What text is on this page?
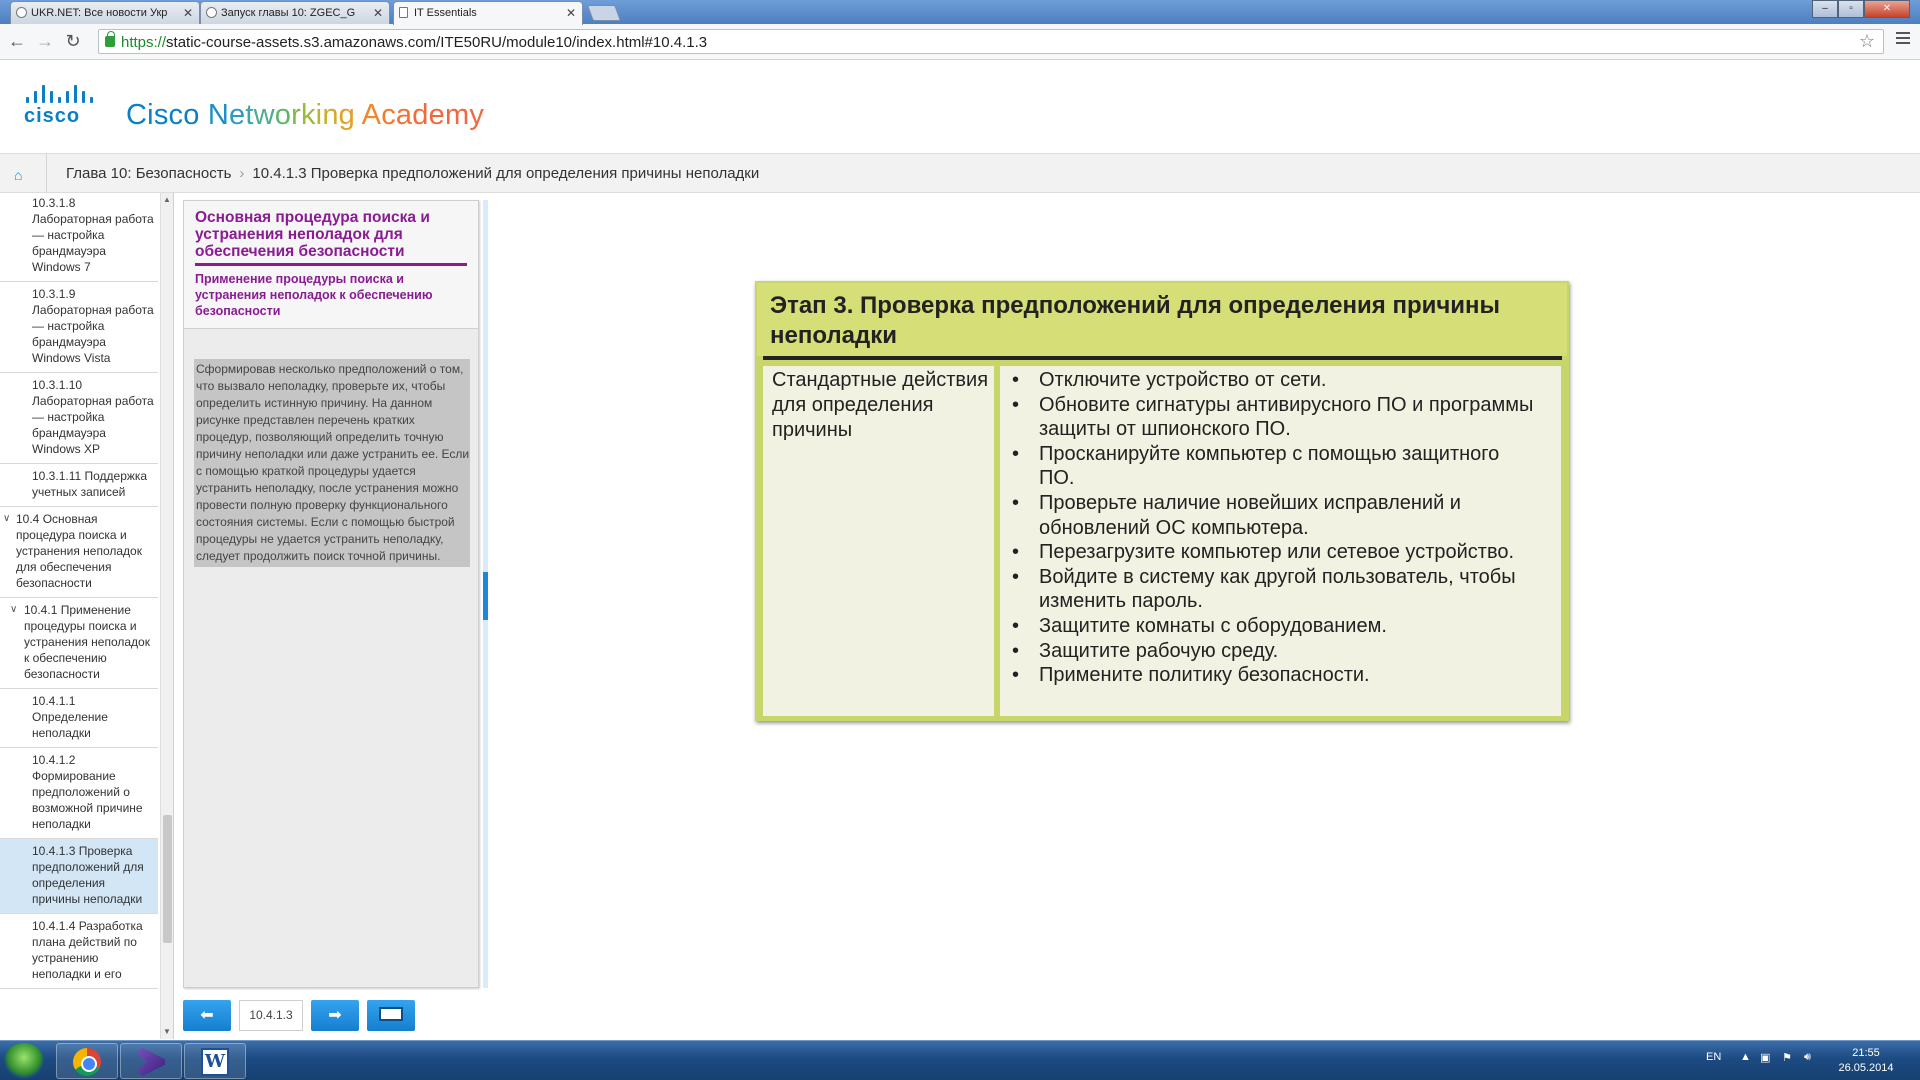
UKR.NET: Все новости Укр ✕	Запуск главы 10: ZGEC_G ✕	IT Essentials	✕	–	▫	✕
← → ↻	https://static-course-assets.s3.amazonaws.com/ITE50RU/module10/index.html#10.4.1.3	☆
cisco	Cisco Networking Academy
⌂	Глава 10: Безопасность › 10.4.1.3 Проверка предположений для определения причины неполадки
10.3.1.8 Лабораторная работа — настройка брандмауэра Windows 7
10.3.1.9 Лабораторная работа — настройка брандмауэра Windows Vista
10.3.1.10 Лабораторная работа — настройка брандмауэра Windows XP
10.3.1.11 Поддержка учетных записей
∨ 10.4 Основная процедура поиска и устранения неполадок для обеспечения безопасности
∨ 10.4.1 Применение процедуры поиска и устранения неполадок к обеспечению безопасности
10.4.1.1 Определение неполадки
10.4.1.2 Формирование предположений о возможной причине неполадки
10.4.1.3 Проверка предположений для определения причины неполадки
10.4.1.4 Разработка плана действий по устранению неполадки и его
▲
▼
Основная процедура поиска и устранения неполадок для обеспечения безопасности
Применение процедуры поиска и устранения неполадок к обеспечению безопасности
Сформировав несколько предположений о том, что вызвало неполадку, проверьте их, чтобы определить истинную причину. На данном рисунке представлен перечень кратких процедур, позволяющий определить точную причину неполадки или даже устранить ее. Если с помощью краткой процедуры удается устранить неполадку, после устранения можно провести полную проверку функционального состояния системы. Если с помощью быстрой процедуры не удается устранить неполадку, следует продолжить поиск точной причины.
⬅	10.4.1.3	➡
Этап 3. Проверка предположений для определения причины неполадки
Стандартные действия для определения причины
• Отключите устройство от сети.
• Обновите сигнатуры антивирусного ПО и программы защиты от шпионского ПО.
• Просканируйте компьютер с помощью защитного ПО.
• Проверьте наличие новейших исправлений и обновлений ОС компьютера.
• Перезагрузите компьютер или сетевое устройство.
• Войдите в систему как другой пользователь, чтобы изменить пароль.
• Защитите комнаты с оборудованием.
• Защитите рабочую среду.
• Примените политику безопасности.
W	EN ▲ ▣ ⚑ 🔊︎	21:55
26.05.2014
